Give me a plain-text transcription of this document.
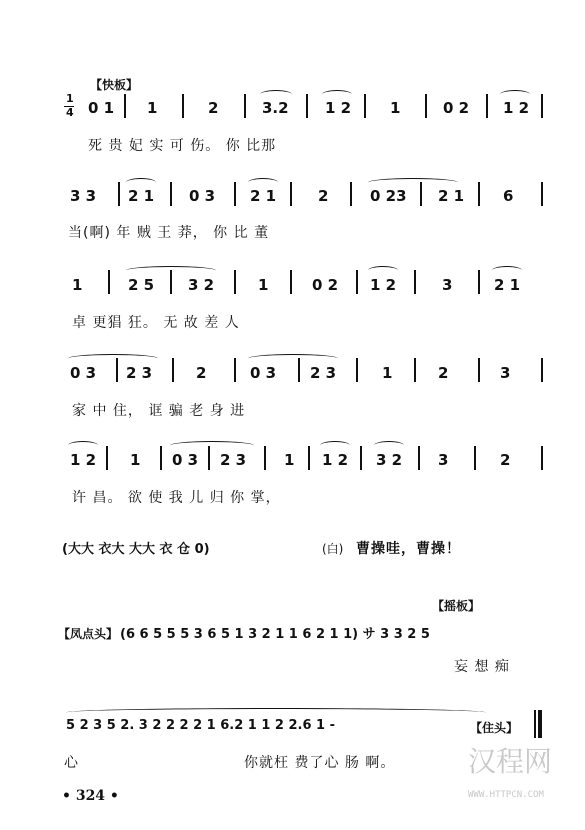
【快板】
1
4 0 1 1	2	3.2 1 2	1	0 2 1 2
死 贵 妃 实 可 伤。 你 比那
3 3 2 1 0 3 2 1	2	0 23 2 1	6
当(啊) 年 贼 王 莽， 你 比 董
1	2 5 3 2	1	0 2 1 2	3	2 1
卓 更猖 狂。 无 故 差 人
0 3 2 3	2	0 3 2 3	1	2	3
家 中 住， 诓 骗 老 身 进
1 2 1 0 3 2 3	1 1 2 3 2 3	2
许 昌。 欲 使 我 儿 归 你 掌，
(大大 衣大 大大 衣 仓 0)	(白) 曹操哇，曹操！
【摇板】
【凤点头】 (6 6 5 5 5 3 6 5 1 3 2 1 1 6 2 1 1) サ 3 3 2 5
妄 想 痴
5 2 3 5 2. 3 2 2 2 2 1 6.2 1 1 2 2.6 1 -	【住头】
心	你就枉 费了心 肠 啊。
• 324 •
汉程网
WWW.HTTPCN.COM
